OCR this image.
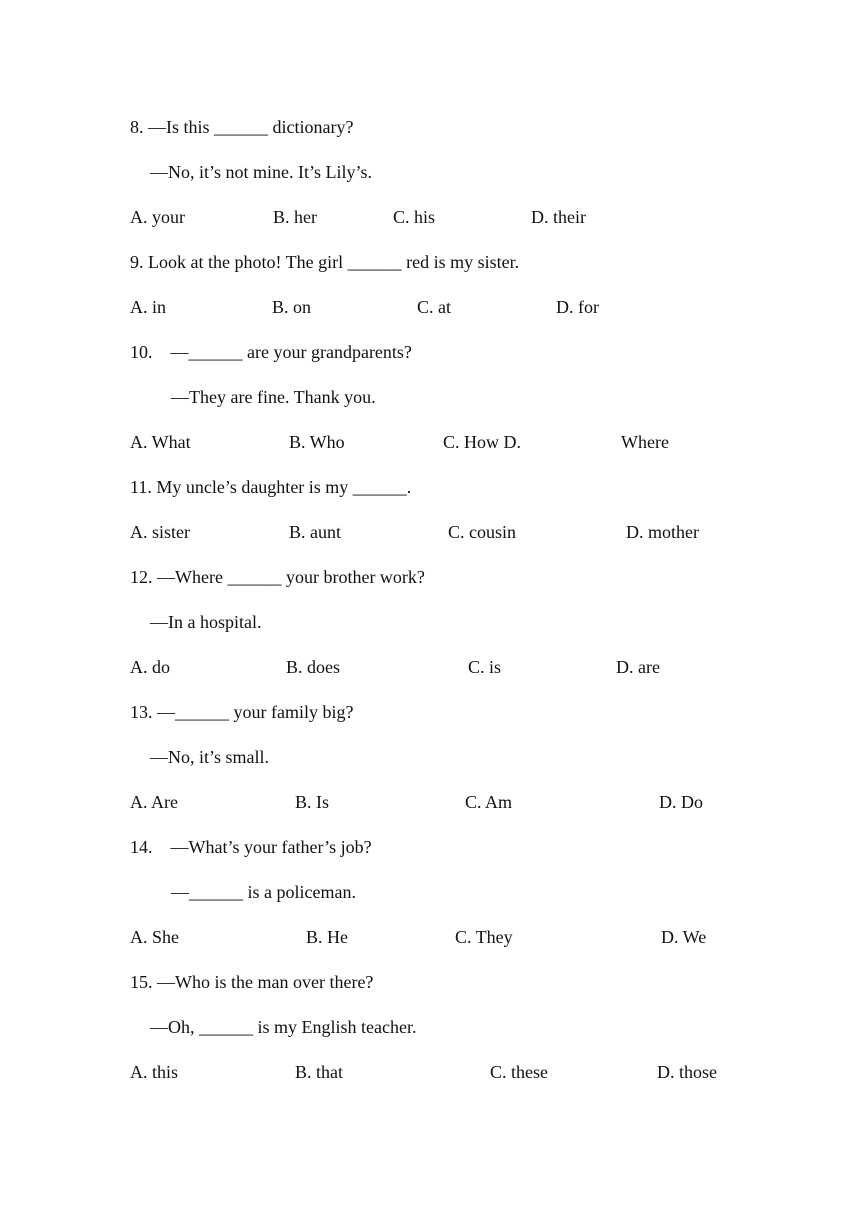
8. —Is this ______ dictionary?
—No, it’s not mine. It’s Lily’s.
A. your	B. her	C. his	D. their
9. Look at the photo! The girl ______ red is my sister.
A. in	B. on	C. at	D. for
10.    —______ are your grandparents?
—They are fine. Thank you.
A. What	B. Who	C. How D.	Where
11. My uncle’s daughter is my ______.
A. sister	B. aunt	C. cousin	D. mother
12. —Where ______ your brother work?
—In a hospital.
A. do	B. does	C. is	D. are
13. —______ your family big?
—No, it’s small.
A. Are	B. Is	C. Am	D. Do
14.    —What’s your father’s job?
—______ is a policeman.
A. She	B. He	C. They	D. We
15. —Who is the man over there?
—Oh, ______ is my English teacher.
A. this	B. that	C. these	D. those
